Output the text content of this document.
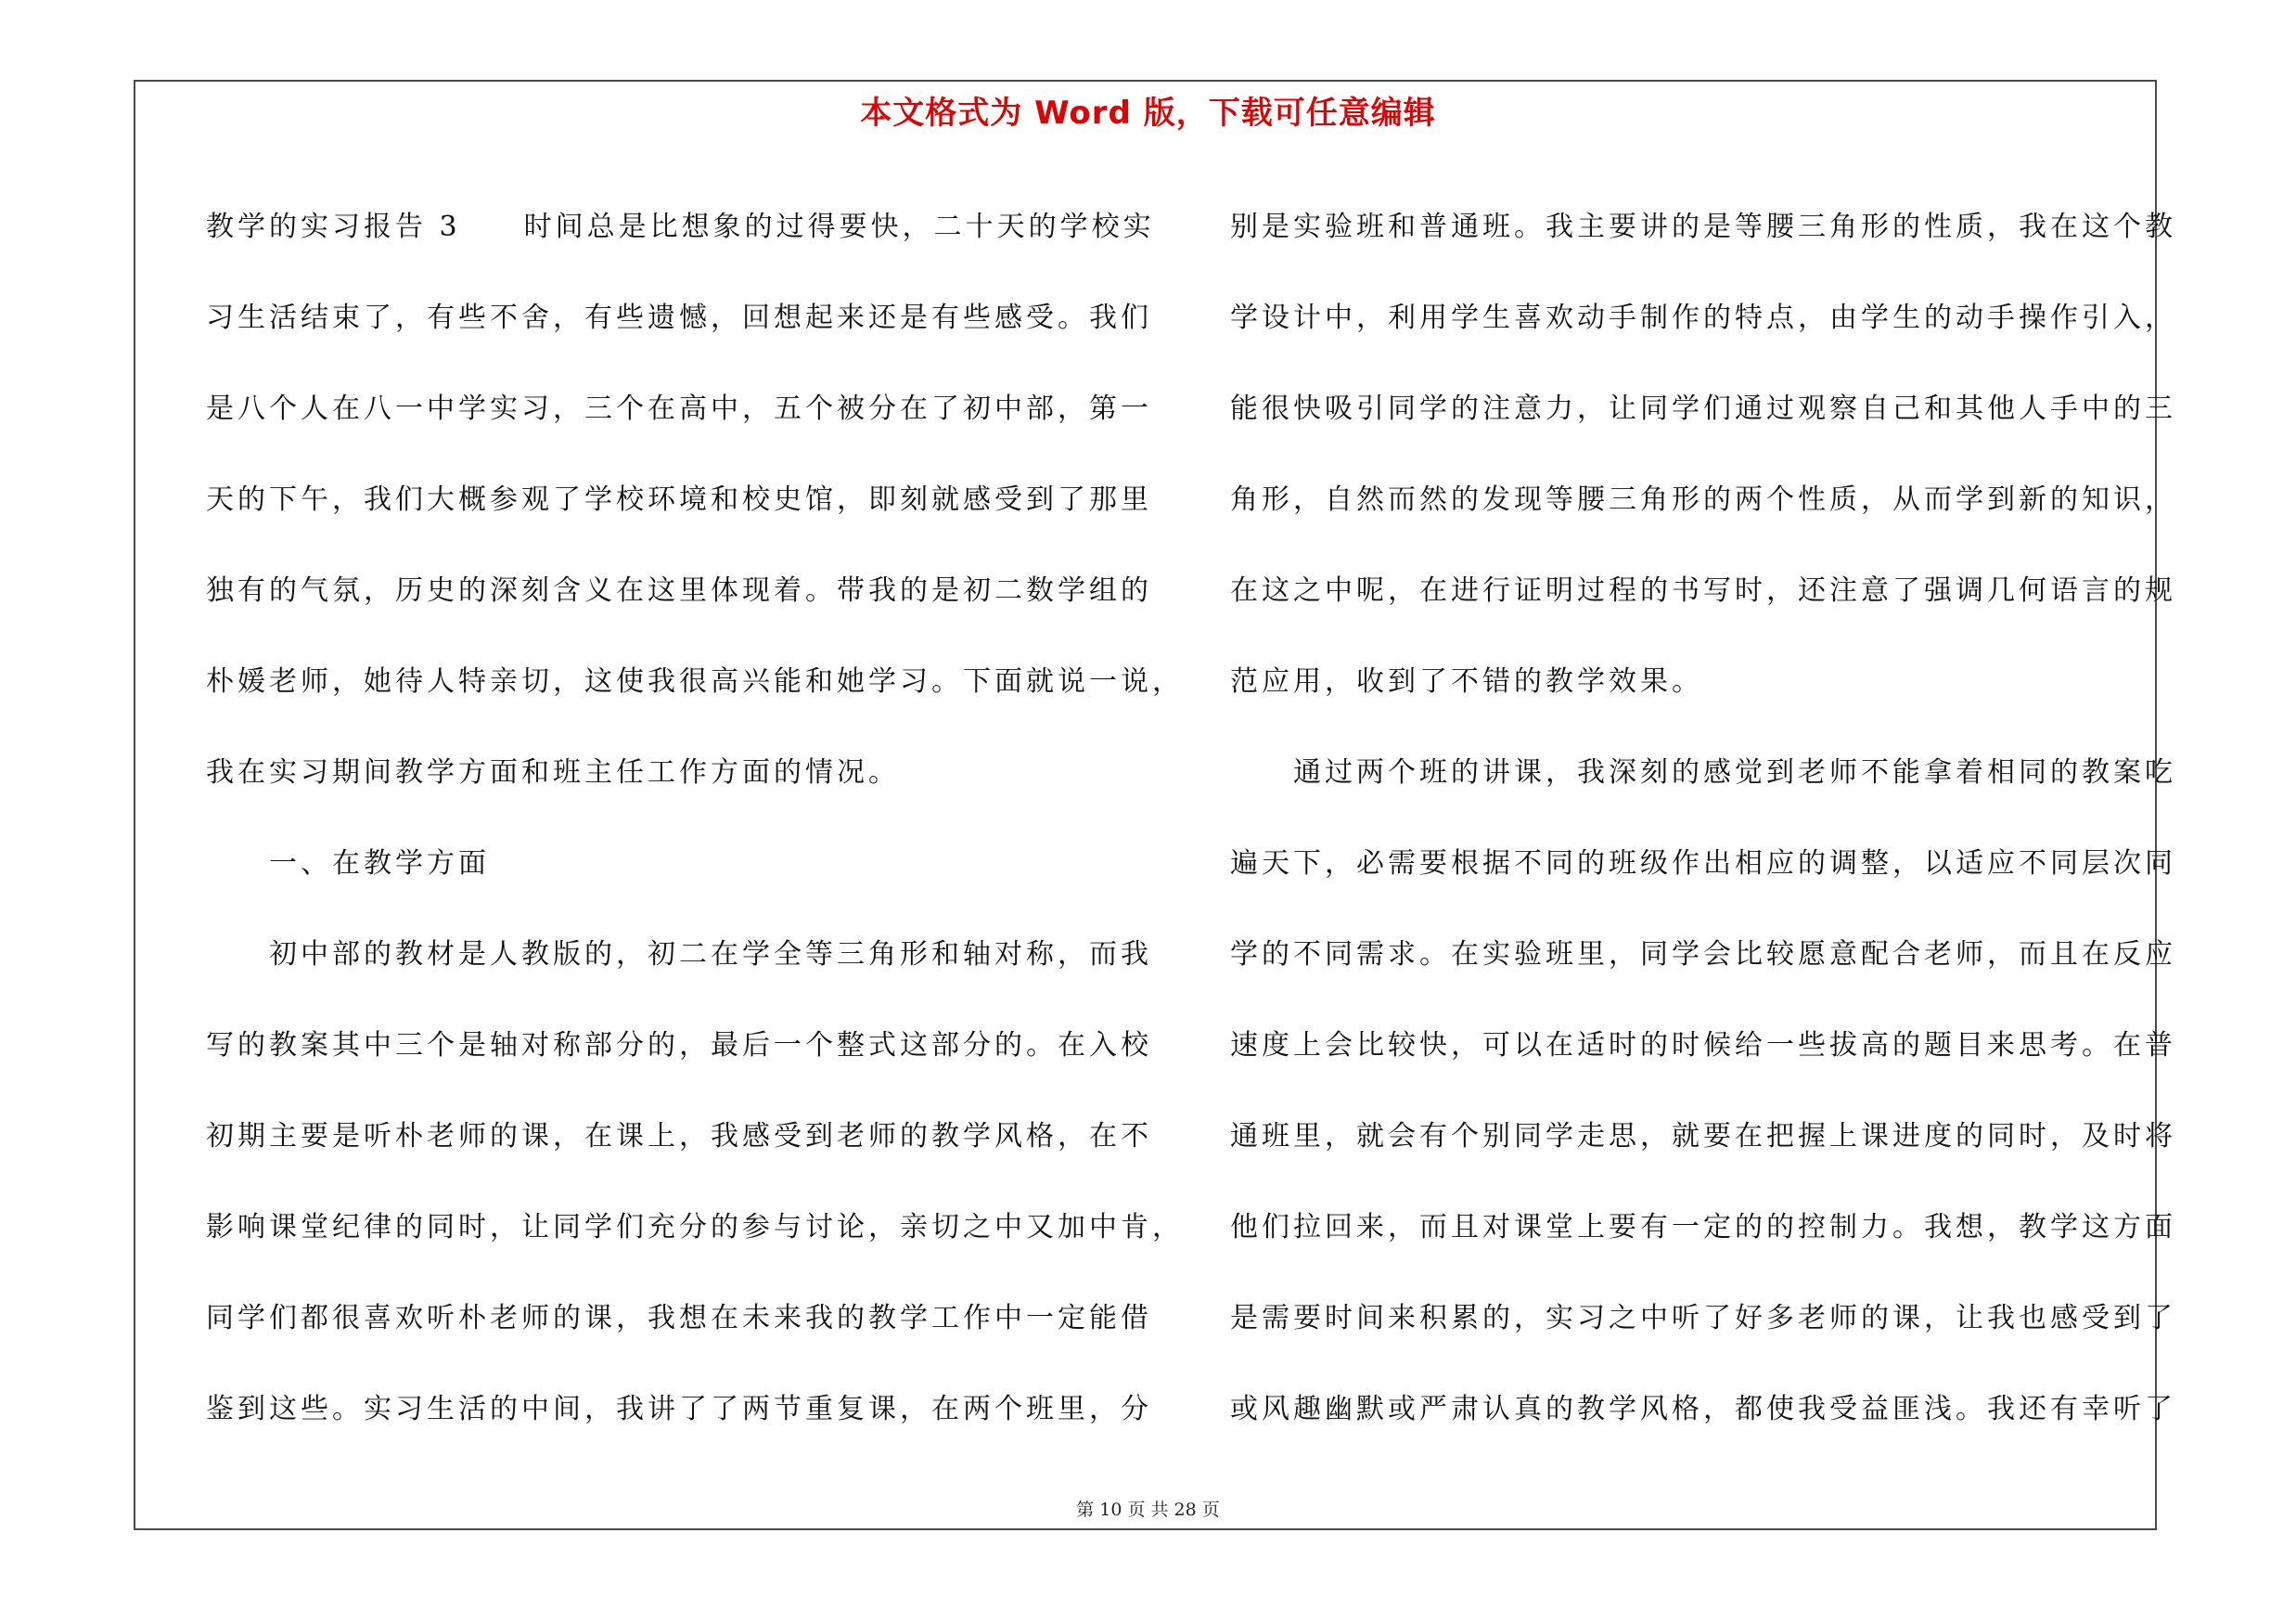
本文格式为 Word 版，下载可任意编辑
教学的实习报告 3　　时间总是比想象的过得要快，二十天的学校实
习生活结束了，有些不舍，有些遗憾，回想起来还是有些感受。我们
是八个人在八一中学实习，三个在高中，五个被分在了初中部，第一
天的下午，我们大概参观了学校环境和校史馆，即刻就感受到了那里
独有的气氛，历史的深刻含义在这里体现着。带我的是初二数学组的
朴媛老师，她待人特亲切，这使我很高兴能和她学习。下面就说一说，
我在实习期间教学方面和班主任工作方面的情况。
一、在教学方面
初中部的教材是人教版的，初二在学全等三角形和轴对称，而我
写的教案其中三个是轴对称部分的，最后一个整式这部分的。在入校
初期主要是听朴老师的课，在课上，我感受到老师的教学风格，在不
影响课堂纪律的同时，让同学们充分的参与讨论，亲切之中又加中肯，
同学们都很喜欢听朴老师的课，我想在未来我的教学工作中一定能借
鉴到这些。实习生活的中间，我讲了了两节重复课，在两个班里，分
别是实验班和普通班。我主要讲的是等腰三角形的性质，我在这个教
学设计中，利用学生喜欢动手制作的特点，由学生的动手操作引入，
能很快吸引同学的注意力，让同学们通过观察自己和其他人手中的三
角形，自然而然的发现等腰三角形的两个性质，从而学到新的知识，
在这之中呢，在进行证明过程的书写时，还注意了强调几何语言的规
范应用，收到了不错的教学效果。
通过两个班的讲课，我深刻的感觉到老师不能拿着相同的教案吃
遍天下，必需要根据不同的班级作出相应的调整，以适应不同层次同
学的不同需求。在实验班里，同学会比较愿意配合老师，而且在反应
速度上会比较快，可以在适时的时候给一些拔高的题目来思考。在普
通班里，就会有个别同学走思，就要在把握上课进度的同时，及时将
他们拉回来，而且对课堂上要有一定的的控制力。我想，教学这方面
是需要时间来积累的，实习之中听了好多老师的课，让我也感受到了
或风趣幽默或严肃认真的教学风格，都使我受益匪浅。我还有幸听了
第 10 页 共 28 页
